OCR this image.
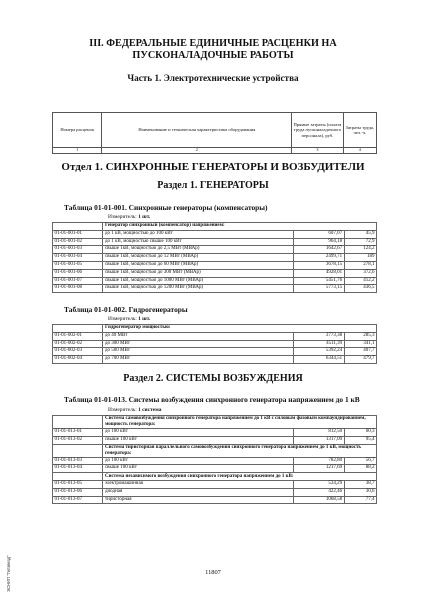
III. ФЕДЕРАЛЬНЫЕ ЕДИНИЧНЫЕ РАСЦЕНКИ НА
ПУСКОНАЛАДОЧНЫЕ РАБОТЫ
Часть 1. Электротехнические устройства
Номера расценок	Наименование и техническая характеристика оборудования	Прямые затраты (оплата труда пусконаладочного персонала), руб.	Затраты труда, чел.-ч.
1	2	3	4
Отдел 1. СИНХРОННЫЕ ГЕНЕРАТОРЫ И ВОЗБУДИТЕЛИ
Раздел 1. ГЕНЕРАТОРЫ
Таблица 01-01-001. Синхронные генераторы (компенсаторы)
Измеритель: 1 шт.
	Генератор синхронный (компенсатор) напряжением:		
01-01-001-01	до 1 кВ, мощностью до 100 кВт	607,07	45,9
01-01-001-02	до 1 кВ, мощностью свыше 100 кВт	964,18	72,9
01-01-001-03	свыше 1кВ, мощностью до 2,5 МВт (МВАр)	1642,67	124,2
01-01-001-04	свыше 1кВ, мощностью до 12 МВт (МВАр)	2499,71	189
01-01-001-05	свыше 1кВ, мощностью до 60 МВт (МВАр)	3678,15	278,1
01-01-001-06	свыше 1кВ, мощностью до 300 МВт (МВАр)	4928,01	372,6
01-01-001-07	свыше 1кВ, мощностью до 1000 МВт (МВАр)	5451,76	412,2
01-01-001-08	свыше 1кВ, мощностью до 1200 МВт (МВАр)	5773,15	436,5
Таблица 01-01-002. Гидрогенераторы
Измеритель: 1 шт.
	Гидрогенератор мощностью:		
01-01-002-01	до 40 МВт	3773,38	285,3
01-01-002-02	до 300 МВт	4511,39	341,1
01-01-002-03	до 500 МВт	5392,24	407,7
01-01-002-04	до 700 МВт	6344,51	479,7
Раздел 2. СИСТЕМЫ ВОЗБУЖДЕНИЯ
Таблица 01-01-013. Системы возбуждения синхронного генератора напряжением до 1 кВ
Измеритель: 1 система
	Система самовозбуждения синхронного генератора напряжением до 1 кВ с силовым фазовым компаундированием, мощность генератора:		
01-01-013-01	до 100 кВт	812,50	60,3
01-01-013-02	свыше 100 кВт	1317,09	95,4
	Система тиристорная параллельного самовозбуждения синхронного генератора напряжением до 1 кВ, мощность генератора:		
01-01-013-03	до 100 кВт	782,80	56,7
01-01-013-04	свыше 100 кВт	1217,69	88,2
	Система независимого возбуждения синхронного генератора напряжением до 1 кВ:		
01-01-013-05	электромашинная	534,29	38,7
01-01-013-06	диодная	422,46	30,6
01-01-013-07	тиристорная	1068,58	77,4
11807
ЭСНИП "Гипзвезд"
